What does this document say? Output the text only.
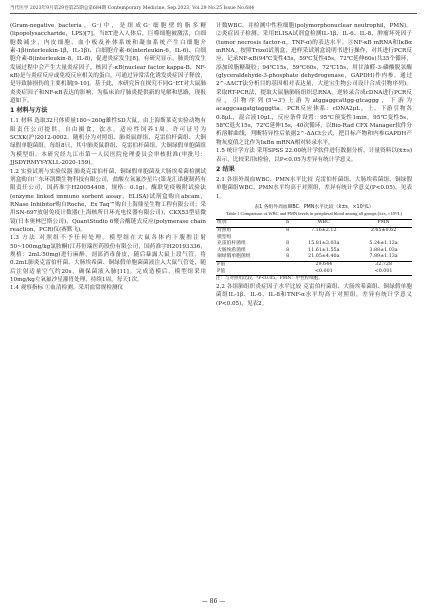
当代医学 2023年9月第29卷第25期总第684期 Contemporary Medicine, Sep.2023, Vol.29 No.25 Issue No.684

(Gram-negative bacteria，G⁻)中，是组成G⁻细胞壁的脂多糖(lipopolysaccharide，LPS)[7]。当ET进入人体后，巨噬细胞被激活，白细胞数减少，内皮细胞、血小板及补体系统和凝血系统产生白细胞介素-1β(interleukin-1β，IL-1β)、白细胞介素-6(interleukin-6，IL-6)、白细胞介素-8(interleukin-8，IL-8)，促进炎症发生[8]。有研究显示，肺炎的发生发展过程中会产生大量炎症因子，核因子-κB(nuclear factor kappa-B，NF-κB)是与炎症反应或免疫反应相关的蛋白，可通过异常活化诱发炎症因子释放，是导致肺损伤的主要机制[9-10]。基于此，本研究旨在探究不同G⁻ET对大鼠肺炎炎症因子和NF-κB表达的影响，为临床治疗肺炎提供新的见解和思路，现报道如下。

1 材料与方法

1.1 材料 选取32只体质量180~260g雄性SD大鼠，由上海斯莱克实验动物有限责任公司提供，自由摄食，饮水，适应性饲养1周。许可证号为SCXK(沪)2012-0002。随机分为对照组、肺炎鼠群组、克雷伯杆菌组、大铜绿假单胞菌组，每组8只，其中肺炎鼠群组、克雷伯杆菌组、大铜绿假单胞菌组为模型组。本研究经九江市第一人民医院伦理委员会审核批准(审批号：JJSDYRMYY-YXLL-2020-159)。

1.2 实验试剂与实验仪器 肺炎克雷伯杆菌、铜绿假单胞菌及大肠埃希菌检测试剂盒购自广东环凯微生物科技有限公司，盐酸左氧氟沙星片(第龙汇诺捷制药有限责任公司，国药准字H20054408，规格：0.1g)，酶联免疫吸附试验法(enzyme linked immuno sorbent assay，ELISA)试剂盒购自abcam，RNase Inhibitor购自Roche，Ex Taq™购自上海鼎星生物工程有限公司；采用SN-697放射免疫计数器(上海核所日环光电仪器有限公司)，CKX53型显微镜(日本奥林巴斯公司)，QuantStudio 6聚合酶链式反应(polymerase chain reaction，PCR)仪(赛默飞)。

1.3 方法 对照组不予任何处理。模型组在大鼠各体内下腹腔注射50~100mg/kg氯胺酮(江苏恒瑞医药股份有限公司，国药准字H20193336，规格：2mL∶50mg)进行麻醉，剖部消毒备皮，随后暴露大鼠上段气管，将0.2mL肺炎克雷伯杆菌、大肠埃希菌、铜绿假单胞菌菌液注入大鼠气管处，随后注射适量空气约20s，确保菌液入肺[11]。完成造模后，模型组采用10mg/kg左氧氟沙星灌胃处理，持续1周，每天1次。

1.4 观察指标 ①血清检测。采用血常规检测仪

计数WBC，并检测中性粒细胞(polymorphonuclear neutrophil，PMN)。②炎症因子检测。采用ELISA试剂盒检测IL-1β、IL-6、IL-8、肿瘤坏死因子(tumor necrosis factor-α，TNF-α)的表达水平。③NF-κB mRNA和IκBα mRNA。按照Trizol试剂盒，进样采试剂盒说明书进行操作，对其进行PCR反应，记录NF-κB(94℃变性45s，59℃复性45s，72℃延伸60s)共35个循环，添加琼脂糖凝胶；94℃15s，59℃60s，72℃15s，用甘油醛-3-磷酸脱氢酶(glyceraldehyde-3-phosphate dehydrogenase，GAPDH)作内参，通过2^-ΔΔCT法分析目的基因相对表达量，大逆宝生物公司设计合成引物序列)。采取RT-PCR法，提取大鼠脑肺肠组织总RNA，逆转录合成cDNA进行PCR反应，引物序列(5'→3')上游为atggaggcattgg-gtcaggg，下游为acaggcaagatgtagggtta。PCR反应体系：cDNA2μL，上、下游引物各0.8μL，混合液10μL，反应条件设置：95℃预变性1min，95℃变性5s，58℃退火15s，72℃延伸15s，40次循环，以Bio-Rad CFX Manager软件分析溶解曲线，判断特异性后依据2^-ΔΔCt公式，把目标产物和内参GAPDH产物灰度值之比作为IκBα mRNA相对转录水平。

1.5 统计学方法 采用SPSS 22.00统计学软件进行数据分析，计量资料以(x̄±s)表示，比较采用t检验，以P<0.05为差异有统计学意义。

2 结果

2.1 各组外周血WBC、PMN水平比较 克雷伯杆菌组、大肠埃希菌组、铜绿假单胞菌组WBC、PMN水平均高于对照组，差异有统计学意义(P<0.05)，见表1。

表1 各组外周血WBC、PMN水平比较（x̄±s，×10⁹/L）
Table 1 Comparison of WBC and PMN levels in peripheral blood among all groups (x̄±s, ×10⁹/L)
组别	n	WBC	PMN
对照组	8	7.16±2.12	2.65±0.62
模型组			
克雷伯杆菌组	8	15.81±3.03a	5.24±1.12a
大肠埃希菌组	8	11.61±1.55a	3.88±1.03a
铜绿假单胞菌组	8	21.05±4.40a	7.89±1.13a
F值		29.644	32.728
P值		<0.001	<0.001
注：与对照组比较，ᵃP<0.05。PMN：中性粒细胞。

2.2 各组肺组织炎症因子水平比较 克雷伯杆菌组、大肠埃希菌组、铜绿假单胞菌组IL-1β、IL-6、IL-8和TNF-α水平均高于对照组，差异有统计学意义(P<0.05)，见表2。

— 86 —
